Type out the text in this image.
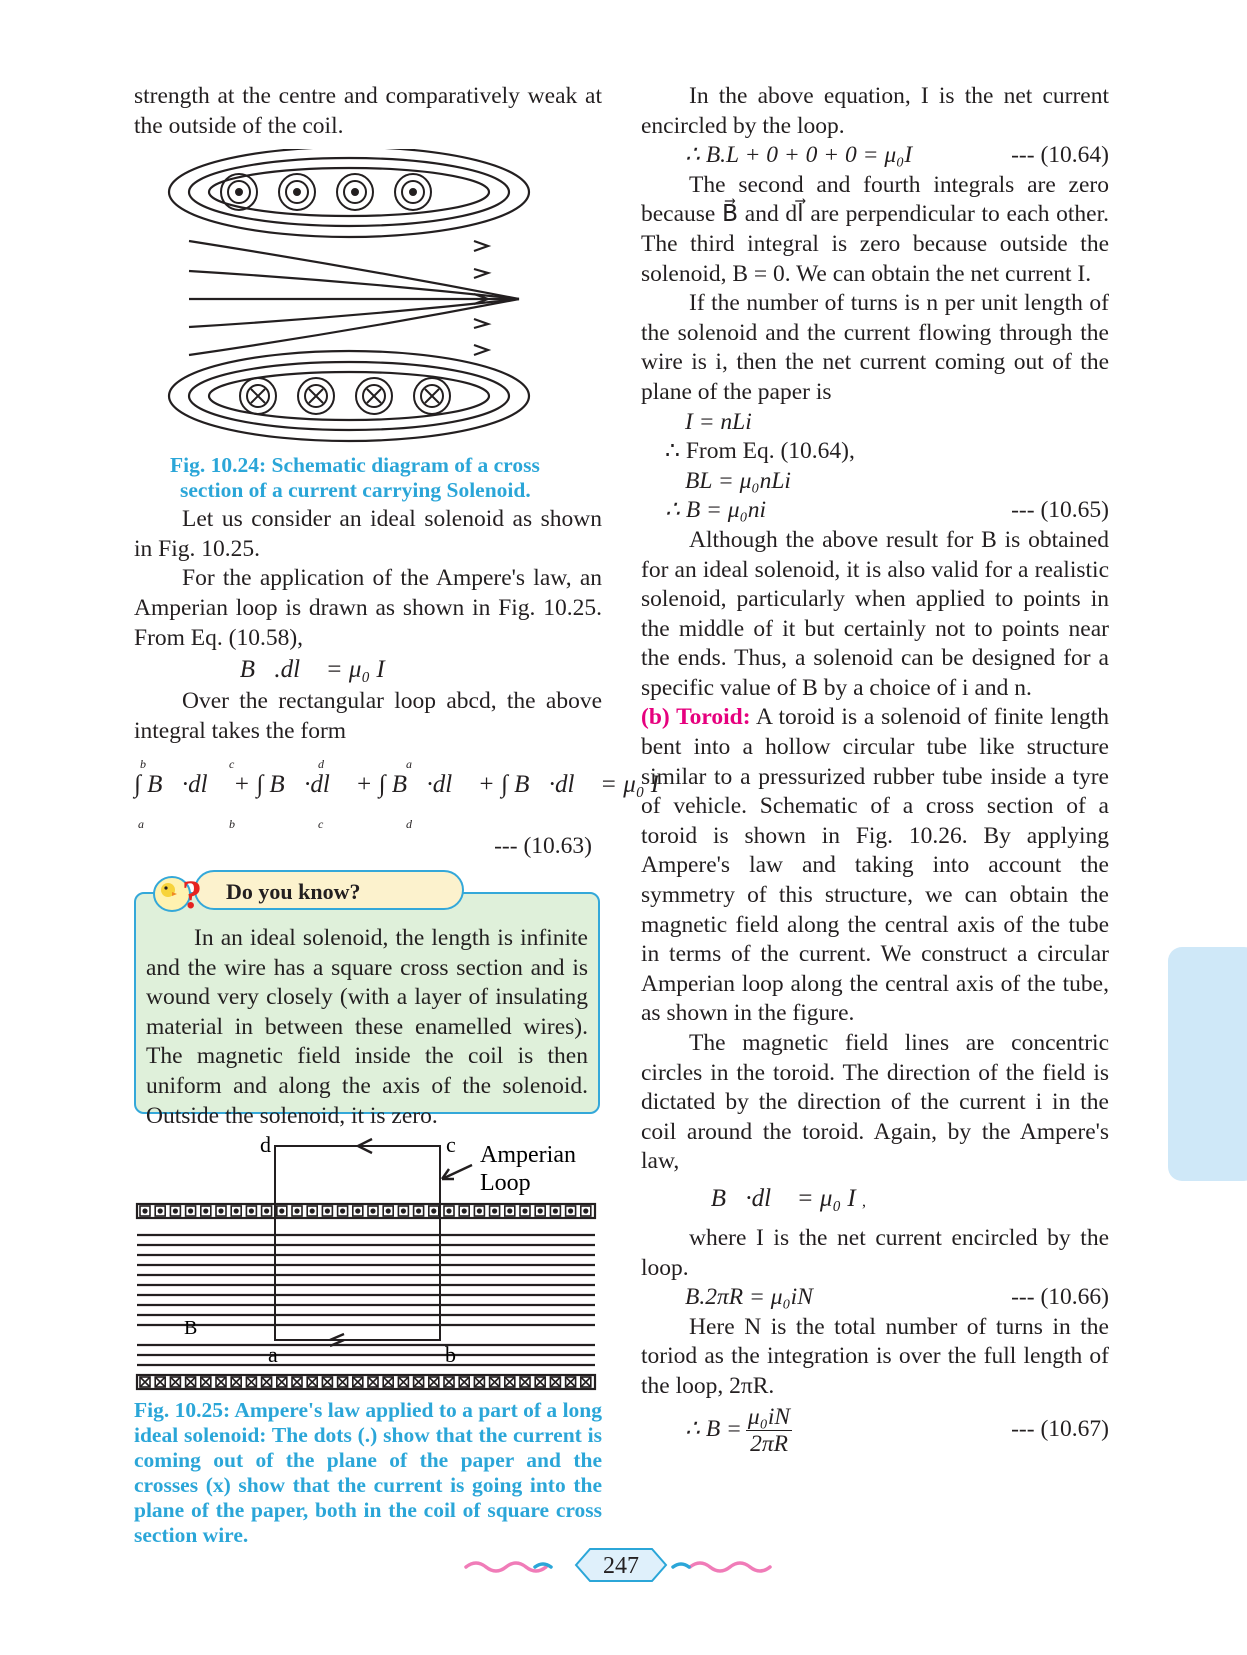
strength at the centre and comparatively weak at the outside of the coil.

Fig. 10.24: Schematic diagram of a cross
section of a current carrying Solenoid.

Let us consider an ideal solenoid as shown in Fig. 10.25.

For the application of the Ampere's law, an Amperian loop is drawn as shown in Fig. 10.25. From Eq. (10.58),

∮ B⃗.dl⃗ = μ₀ I

Over the rectangular loop abcd, the above integral takes the form

b	c	d	a
∫ B⃗·dl⃗ + ∫ B⃗·dl⃗ + ∫ B⃗·dl⃗ + ∫ B⃗·dl⃗ = μ₀ I
a	b	c	d
--- (10.63)

In an ideal solenoid, the length is infinite and the wire has a square cross section and is wound very closely (with a layer of insulating material in between these enamelled wires). The magnetic field inside the coil is then uniform and along the axis of the solenoid. Outside the solenoid, it is zero.

Do you know?
?
d	c
a	b
B
Amperian
Loop

Fig. 10.25: Ampere's law applied to a part of a long ideal solenoid: The dots (.) show that the current is coming out of the plane of the paper and the crosses (x) show that the current is going into the plane of the paper, both in the coil of square cross section wire.

In the above equation, I is the net current encircled by the loop.

∴ B.L + 0 + 0 + 0 = μ₀I	--- (10.64)

The second and fourth integrals are zero because B⃗ and dl⃗ are perpendicular to each other. The third integral is zero because outside the solenoid, B = 0. We can obtain the net current I.

If the number of turns is n per unit length of the solenoid and the current flowing through the wire is i, then the net current coming out of the plane of the paper is

I = nLi
∴ From Eq. (10.64),
BL = μ₀nLi
∴ B = μ₀ni	--- (10.65)

Although the above result for B is obtained for an ideal solenoid, it is also valid for a realistic solenoid, particularly when applied to points in the middle of it but certainly not to points near the ends. Thus, a solenoid can be designed for a specific value of B by a choice of i and n.

(b) Toroid: A toroid is a solenoid of finite length bent into a hollow circular tube like structure similar to a pressurized rubber tube inside a tyre of vehicle. Schematic of a cross section of a toroid is shown in Fig. 10.26. By applying Ampere's law and taking into account the symmetry of this structure, we can obtain the magnetic field along the central axis of the tube in terms of the current. We construct a circular Amperian loop along the central axis of the tube, as shown in the figure.

The magnetic field lines are concentric circles in the toroid. The direction of the field is dictated by the direction of the current i in the coil around the toroid. Again, by the Ampere's law,

∮ B⃗·dl⃗ = μ₀ I ,

where I is the net current encircled by the loop.

B.2πR = μ₀iN	--- (10.66)

Here N is the total number of turns in the toriod as the integration is over the full length of the loop, 2πR.

∴ $B = \frac{\text{μ₀iN}}{2\pi R}$	--- (10.67)
247
